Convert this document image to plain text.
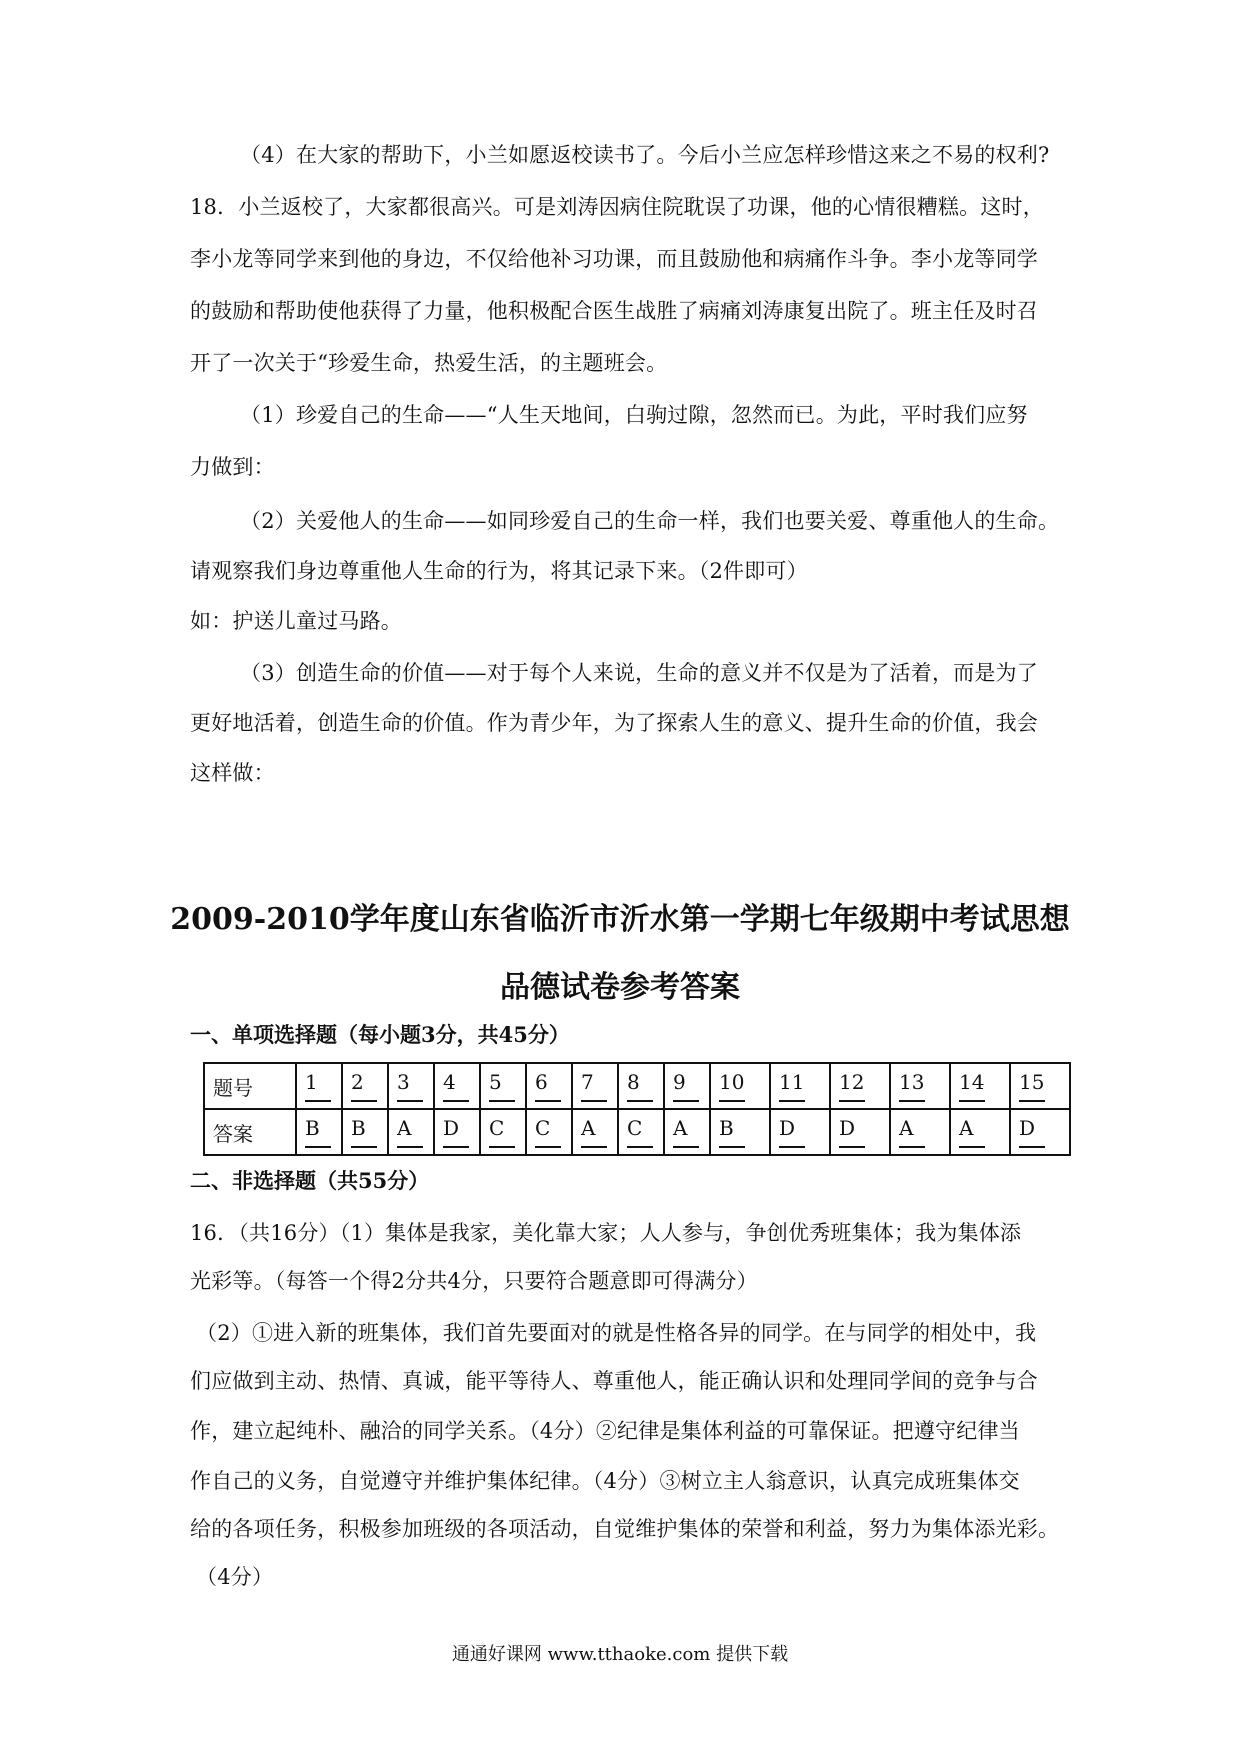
（4）在大家的帮助下，小兰如愿返校读书了。今后小兰应怎样珍惜这来之不易的权利?
18．小兰返校了，大家都很高兴。可是刘涛因病住院耽误了功课，他的心情很糟糕。这时，
李小龙等同学来到他的身边，不仅给他补习功课，而且鼓励他和病痛作斗争。李小龙等同学
的鼓励和帮助使他获得了力量，他积极配合医生战胜了病痛刘涛康复出院了。班主任及时召
开了一次关于“珍爱生命，热爱生活，的主题班会。
（1）珍爱自己的生命——“人生天地间，白驹过隙，忽然而已。为此，平时我们应努
力做到：
（2）关爱他人的生命——如同珍爱自己的生命一样，我们也要关爱、尊重他人的生命。
请观察我们身边尊重他人生命的行为，将其记录下来。（2件即可）
如：护送儿童过马路。
（3）创造生命的价值——对于每个人来说，生命的意义并不仅是为了活着，而是为了
更好地活着，创造生命的价值。作为青少年，为了探索人生的意义、提升生命的价值，我会
这样做：
2009-2010学年度山东省临沂市沂水第一学期七年级期中考试思想
品德试卷参考答案
一、单项选择题（每小题3分，共45分）
题号	1	2	3	4	5	6	7	8	9	10	11	12	13	14	15
答案	B	B	A	D	C	C	A	C	A	B	D	D	A	A	D
二、非选择题（共55分）
16．（共16分）（1）集体是我家，美化靠大家；人人参与，争创优秀班集体；我为集体添
光彩等。（每答一个得2分共4分，只要符合题意即可得满分）
（2）①进入新的班集体，我们首先要面对的就是性格各异的同学。在与同学的相处中，我
们应做到主动、热情、真诚，能平等待人、尊重他人，能正确认识和处理同学间的竞争与合
作，建立起纯朴、融洽的同学关系。（4分）②纪律是集体利益的可靠保证。把遵守纪律当
作自己的义务，自觉遵守并维护集体纪律。（4分）③树立主人翁意识，认真完成班集体交
给的各项任务，积极参加班级的各项活动，自觉维护集体的荣誉和利益，努力为集体添光彩。
（4分）
通通好课网 www.tthaoke.com 提供下载
